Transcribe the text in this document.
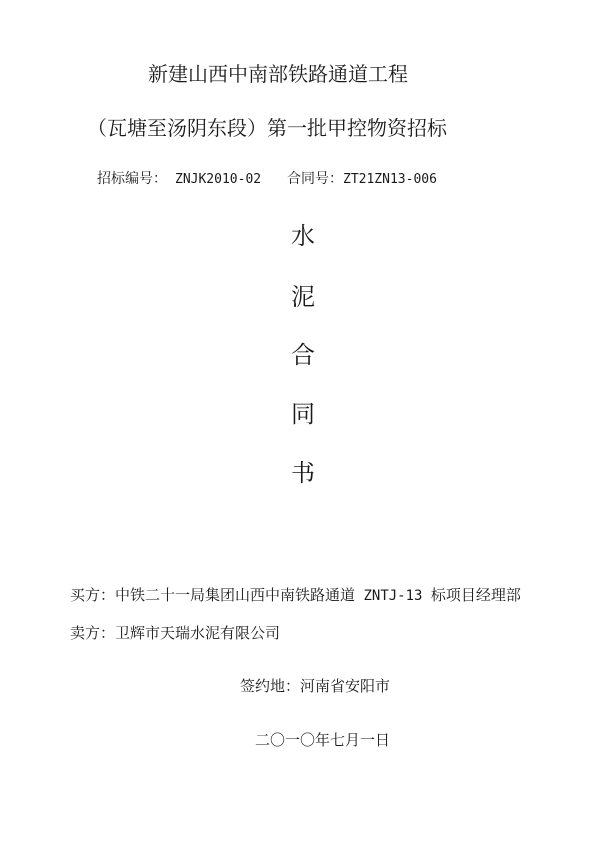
新建山西中南部铁路通道工程
（瓦塘至汤阴东段）第一批甲控物资招标
招标编号： ZNJK2010-02 合同号：ZT21ZN13-006
水
泥
合
同
书
买方：中铁二十一局集团山西中南铁路通道 ZNTJ-13 标项目经理部
卖方：卫辉市天瑞水泥有限公司
签约地：河南省安阳市
二〇一〇年七月一日
